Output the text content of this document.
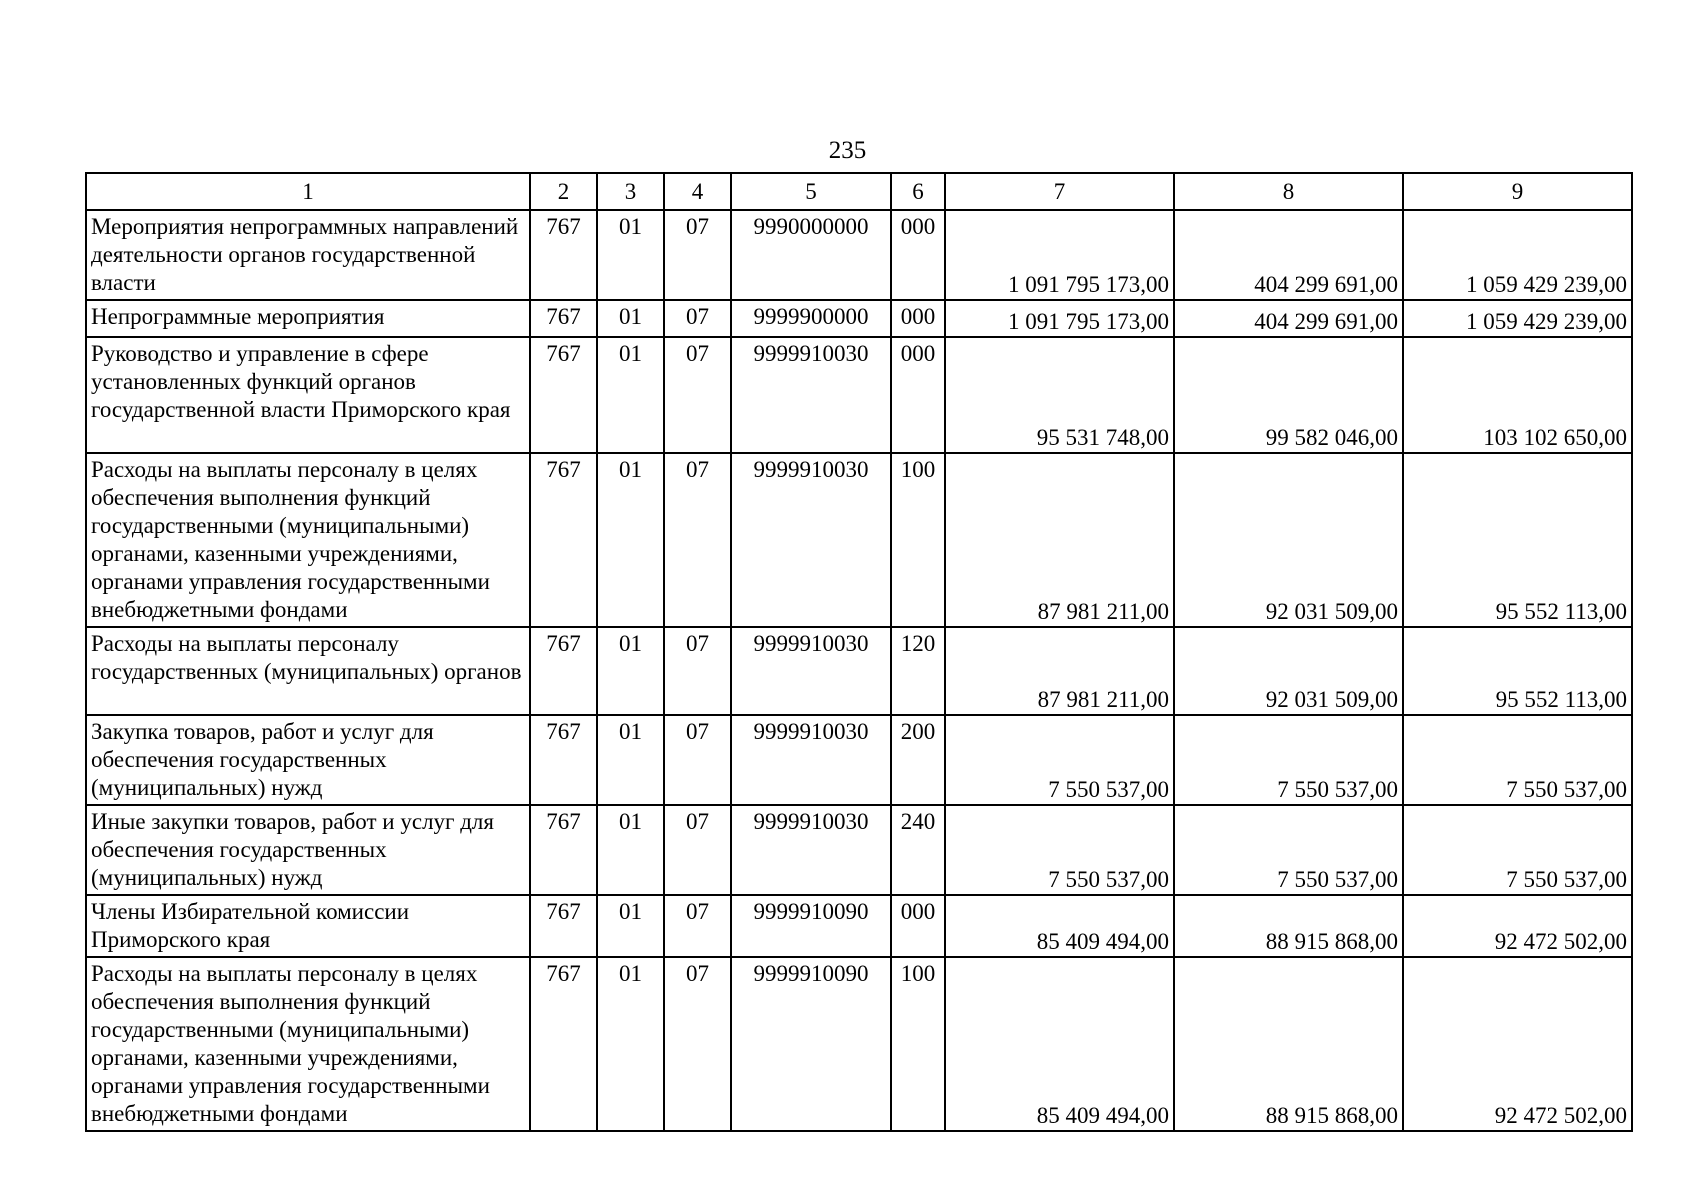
235
1	2	3	4	5	6	7	8	9
Мероприятия непрограммных направлений деятельности органов государственной власти	767	01	07	9990000000	000	1 091 795 173,00	404 299 691,00	1 059 429 239,00
Непрограммные мероприятия	767	01	07	9999900000	000	1 091 795 173,00	404 299 691,00	1 059 429 239,00
Руководство и управление в сфере установленных функций органов государственной власти Приморского края	767	01	07	9999910030	000	95 531 748,00	99 582 046,00	103 102 650,00
Расходы на выплаты персоналу в целях обеспечения выполнения функций государственными (муниципальными) органами, казенными учреждениями, органами управления государственными внебюджетными фондами	767	01	07	9999910030	100	87 981 211,00	92 031 509,00	95 552 113,00
Расходы на выплаты персоналу государственных (муниципальных) органов	767	01	07	9999910030	120	87 981 211,00	92 031 509,00	95 552 113,00
Закупка товаров, работ и услуг для обеспечения государственных (муниципальных) нужд	767	01	07	9999910030	200	7 550 537,00	7 550 537,00	7 550 537,00
Иные закупки товаров, работ и услуг для обеспечения государственных (муниципальных) нужд	767	01	07	9999910030	240	7 550 537,00	7 550 537,00	7 550 537,00
Члены Избирательной комиссии Приморского края	767	01	07	9999910090	000	85 409 494,00	88 915 868,00	92 472 502,00
Расходы на выплаты персоналу в целях обеспечения выполнения функций государственными (муниципальными) органами, казенными учреждениями, органами управления государственными внебюджетными фондами	767	01	07	9999910090	100	85 409 494,00	88 915 868,00	92 472 502,00
